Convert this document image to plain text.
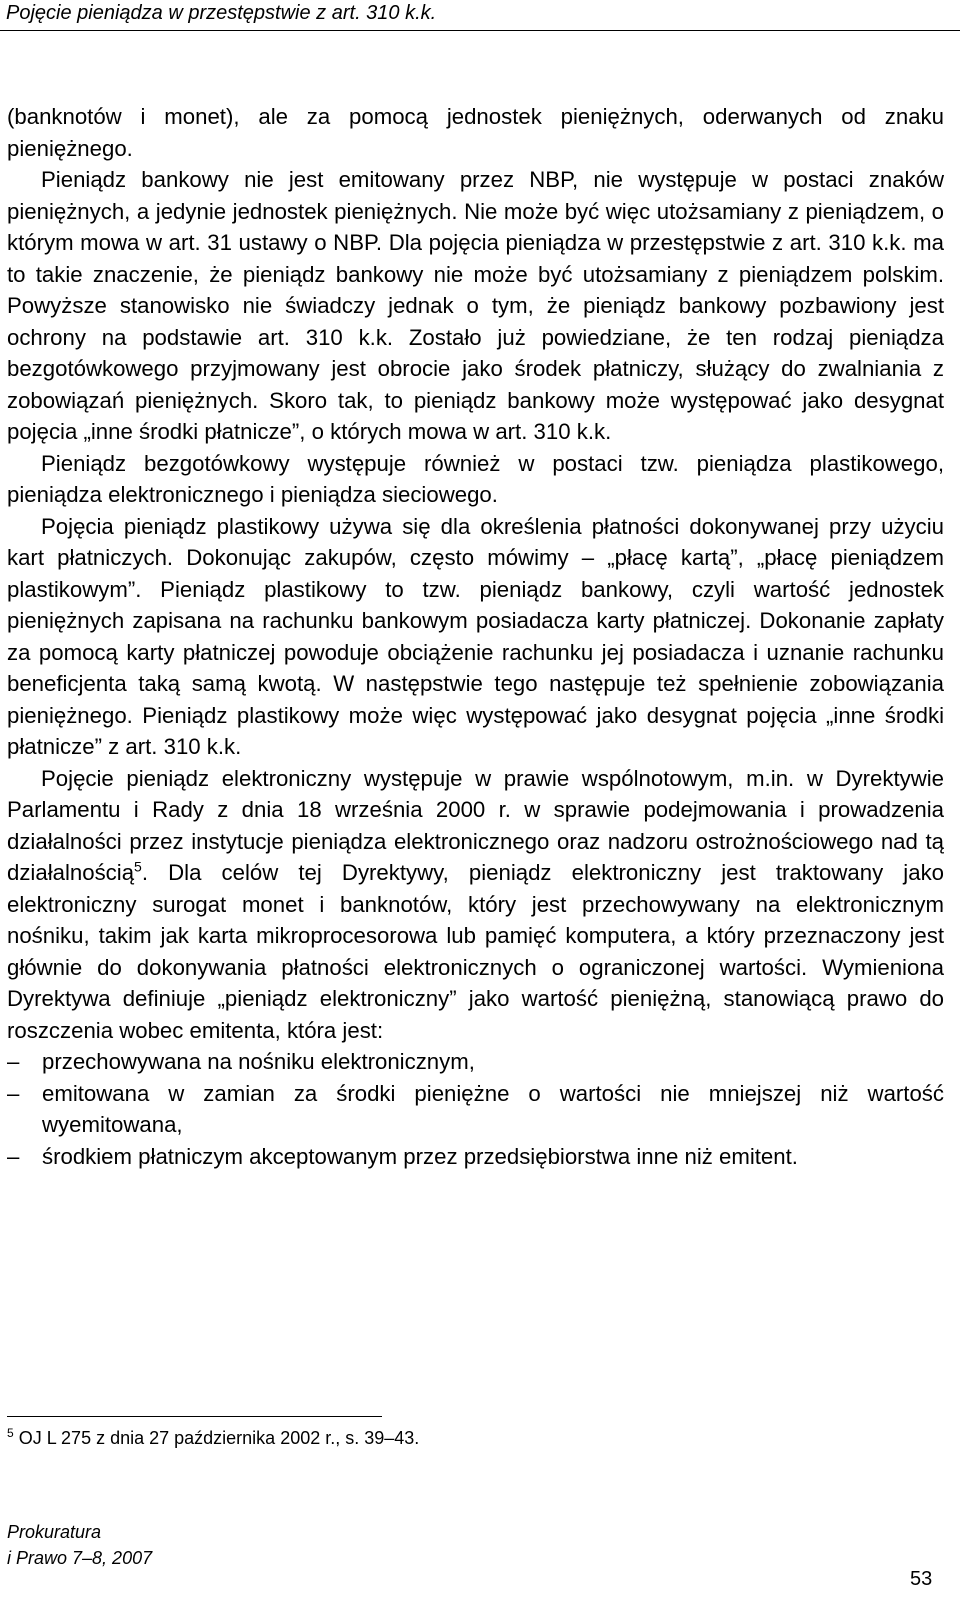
Pojęcie pieniądza w przestępstwie z art. 310 k.k.

(banknotów i monet), ale za pomocą jednostek pieniężnych, oderwanych od znaku pieniężnego.

Pieniądz bankowy nie jest emitowany przez NBP, nie występuje w postaci znaków pieniężnych, a jedynie jednostek pieniężnych. Nie może być więc utożsamiany z pieniądzem, o którym mowa w art. 31 ustawy o NBP. Dla pojęcia pieniądza w przestępstwie z art. 310 k.k. ma to takie znaczenie, że pieniądz bankowy nie może być utożsamiany z pieniądzem polskim. Powyższe stanowisko nie świadczy jednak o tym, że pieniądz bankowy pozbawiony jest ochrony na podstawie art. 310 k.k. Zostało już powiedziane, że ten rodzaj pieniądza bezgotówkowego przyjmowany jest obrocie jako środek płatniczy, służący do zwalniania z zobowiązań pieniężnych. Skoro tak, to pieniądz bankowy może występować jako desygnat pojęcia „inne środki płatnicze”, o których mowa w art. 310 k.k.

Pieniądz bezgotówkowy występuje również w postaci tzw. pieniądza plastikowego, pieniądza elektronicznego i pieniądza sieciowego.

Pojęcia pieniądz plastikowy używa się dla określenia płatności dokonywanej przy użyciu kart płatniczych. Dokonując zakupów, często mówimy – „płacę kartą”, „płacę pieniądzem plastikowym”. Pieniądz plastikowy to tzw. pieniądz bankowy, czyli wartość jednostek pieniężnych zapisana na rachunku bankowym posiadacza karty płatniczej. Dokonanie zapłaty za pomocą karty płatniczej powoduje obciążenie rachunku jej posiadacza i uznanie rachunku beneficjenta taką samą kwotą. W następstwie tego następuje też spełnienie zobowiązania pieniężnego. Pieniądz plastikowy może więc występować jako desygnat pojęcia „inne środki płatnicze” z art. 310 k.k.

Pojęcie pieniądz elektroniczny występuje w prawie wspólnotowym, m.in. w Dyrektywie Parlamentu i Rady z dnia 18 września 2000 r. w sprawie podejmowania i prowadzenia działalności przez instytucje pieniądza elektronicznego oraz nadzoru ostrożnościowego nad tą działalnością$^5$. Dla celów tej Dyrektywy, pieniądz elektroniczny jest traktowany jako elektroniczny surogat monet i banknotów, który jest przechowywany na elektronicznym nośniku, takim jak karta mikroprocesorowa lub pamięć komputera, a który przeznaczony jest głównie do dokonywania płatności elektronicznych o ograniczonej wartości. Wymieniona Dyrektywa definiuje „pieniądz elektroniczny” jako wartość pieniężną, stanowiącą prawo do roszczenia wobec emitenta, która jest:

– przechowywana na nośniku elektronicznym,
– emitowana w zamian za środki pieniężne o wartości nie mniejszej niż wartość wyemitowana,
– środkiem płatniczym akceptowanym przez przedsiębiorstwa inne niż emitent.
$^5$ OJ L 275 z dnia 27 października 2002 r., s. 39–43.
Prokuratura
i Prawo 7–8, 2007
53
